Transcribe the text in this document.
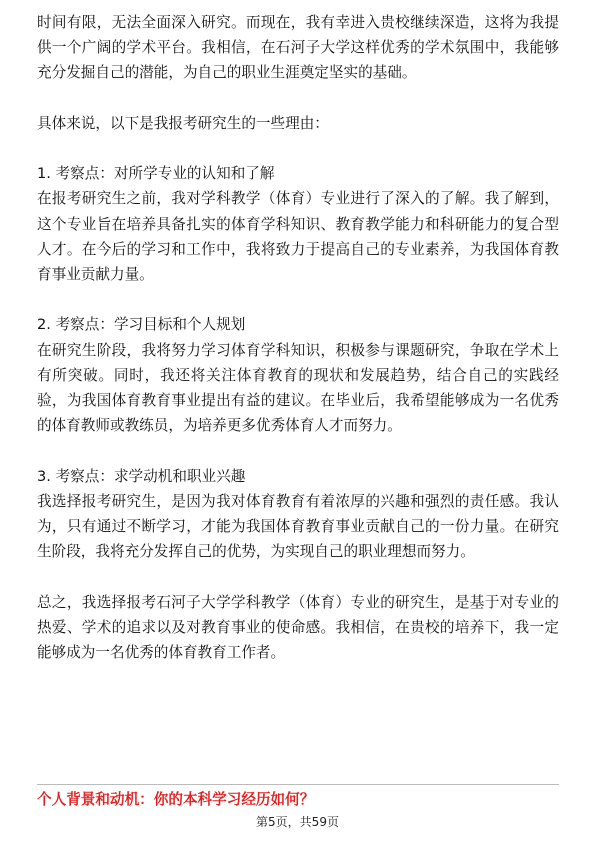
时间有限，无法全面深入研究。而现在，我有幸进入贵校继续深造，这将为我提供一个广阔的学术平台。我相信，在石河子大学这样优秀的学术氛围中，我能够充分发掘自己的潜能，为自己的职业生涯奠定坚实的基础。

具体来说，以下是我报考研究生的一些理由：

1. 考察点：对所学专业的认知和了解

在报考研究生之前，我对学科教学（体育）专业进行了深入的了解。我了解到，这个专业旨在培养具备扎实的体育学科知识、教育教学能力和科研能力的复合型人才。在今后的学习和工作中，我将致力于提高自己的专业素养，为我国体育教育事业贡献力量。

2. 考察点：学习目标和个人规划

在研究生阶段，我将努力学习体育学科知识，积极参与课题研究，争取在学术上有所突破。同时，我还将关注体育教育的现状和发展趋势，结合自己的实践经验，为我国体育教育事业提出有益的建议。在毕业后，我希望能够成为一名优秀的体育教师或教练员，为培养更多优秀体育人才而努力。

3. 考察点：求学动机和职业兴趣

我选择报考研究生，是因为我对体育教育有着浓厚的兴趣和强烈的责任感。我认为，只有通过不断学习，才能为我国体育教育事业贡献自己的一份力量。在研究生阶段，我将充分发挥自己的优势，为实现自己的职业理想而努力。

总之，我选择报考石河子大学学科教学（体育）专业的研究生，是基于对专业的热爱、学术的追求以及对教育事业的使命感。我相信，在贵校的培养下，我一定能够成为一名优秀的体育教育工作者。

个人背景和动机：你的本科学习经历如何？
第5页，共59页
